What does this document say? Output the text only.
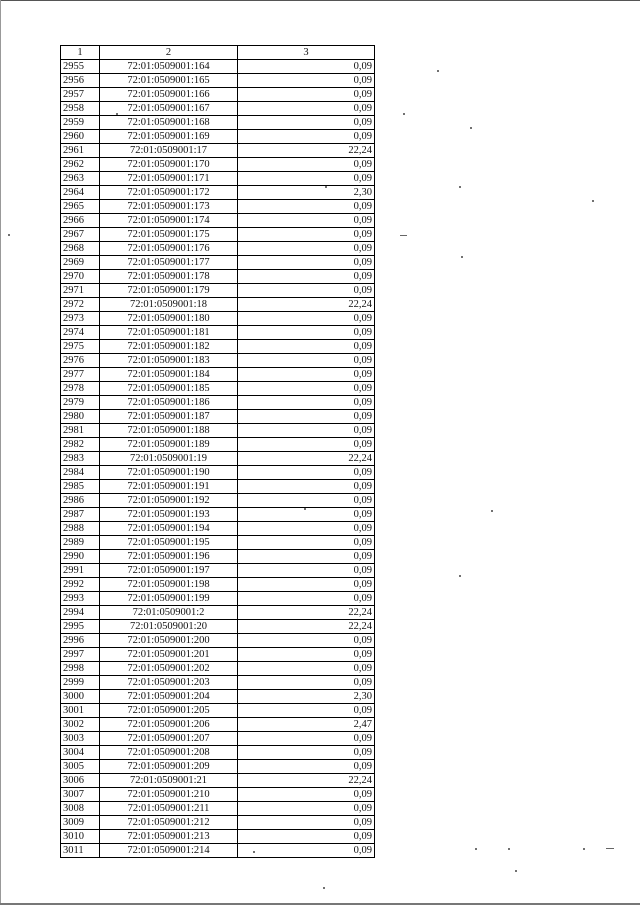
1	2	3
2955	72:01:0509001:164	0,09
2956	72:01:0509001:165	0,09
2957	72:01:0509001:166	0,09
2958	72:01:0509001:167	0,09
2959	72:01:0509001:168	0,09
2960	72:01:0509001:169	0,09
2961	72:01:0509001:17	22,24
2962	72:01:0509001:170	0,09
2963	72:01:0509001:171	0,09
2964	72:01:0509001:172	2,30
2965	72:01:0509001:173	0,09
2966	72:01:0509001:174	0,09
2967	72:01:0509001:175	0,09
2968	72:01:0509001:176	0,09
2969	72:01:0509001:177	0,09
2970	72:01:0509001:178	0,09
2971	72:01:0509001:179	0,09
2972	72:01:0509001:18	22,24
2973	72:01:0509001:180	0,09
2974	72:01:0509001:181	0,09
2975	72:01:0509001:182	0,09
2976	72:01:0509001:183	0,09
2977	72:01:0509001:184	0,09
2978	72:01:0509001:185	0,09
2979	72:01:0509001:186	0,09
2980	72:01:0509001:187	0,09
2981	72:01:0509001:188	0,09
2982	72:01:0509001:189	0,09
2983	72:01:0509001:19	22,24
2984	72:01:0509001:190	0,09
2985	72:01:0509001:191	0,09
2986	72:01:0509001:192	0,09
2987	72:01:0509001:193	0,09
2988	72:01:0509001:194	0,09
2989	72:01:0509001:195	0,09
2990	72:01:0509001:196	0,09
2991	72:01:0509001:197	0,09
2992	72:01:0509001:198	0,09
2993	72:01:0509001:199	0,09
2994	72:01:0509001:2	22,24
2995	72:01:0509001:20	22,24
2996	72:01:0509001:200	0,09
2997	72:01:0509001:201	0,09
2998	72:01:0509001:202	0,09
2999	72:01:0509001:203	0,09
3000	72:01:0509001:204	2,30
3001	72:01:0509001:205	0,09
3002	72:01:0509001:206	2,47
3003	72:01:0509001:207	0,09
3004	72:01:0509001:208	0,09
3005	72:01:0509001:209	0,09
3006	72:01:0509001:21	22,24
3007	72:01:0509001:210	0,09
3008	72:01:0509001:211	0,09
3009	72:01:0509001:212	0,09
3010	72:01:0509001:213	0,09
3011	72:01:0509001:214	0,09
